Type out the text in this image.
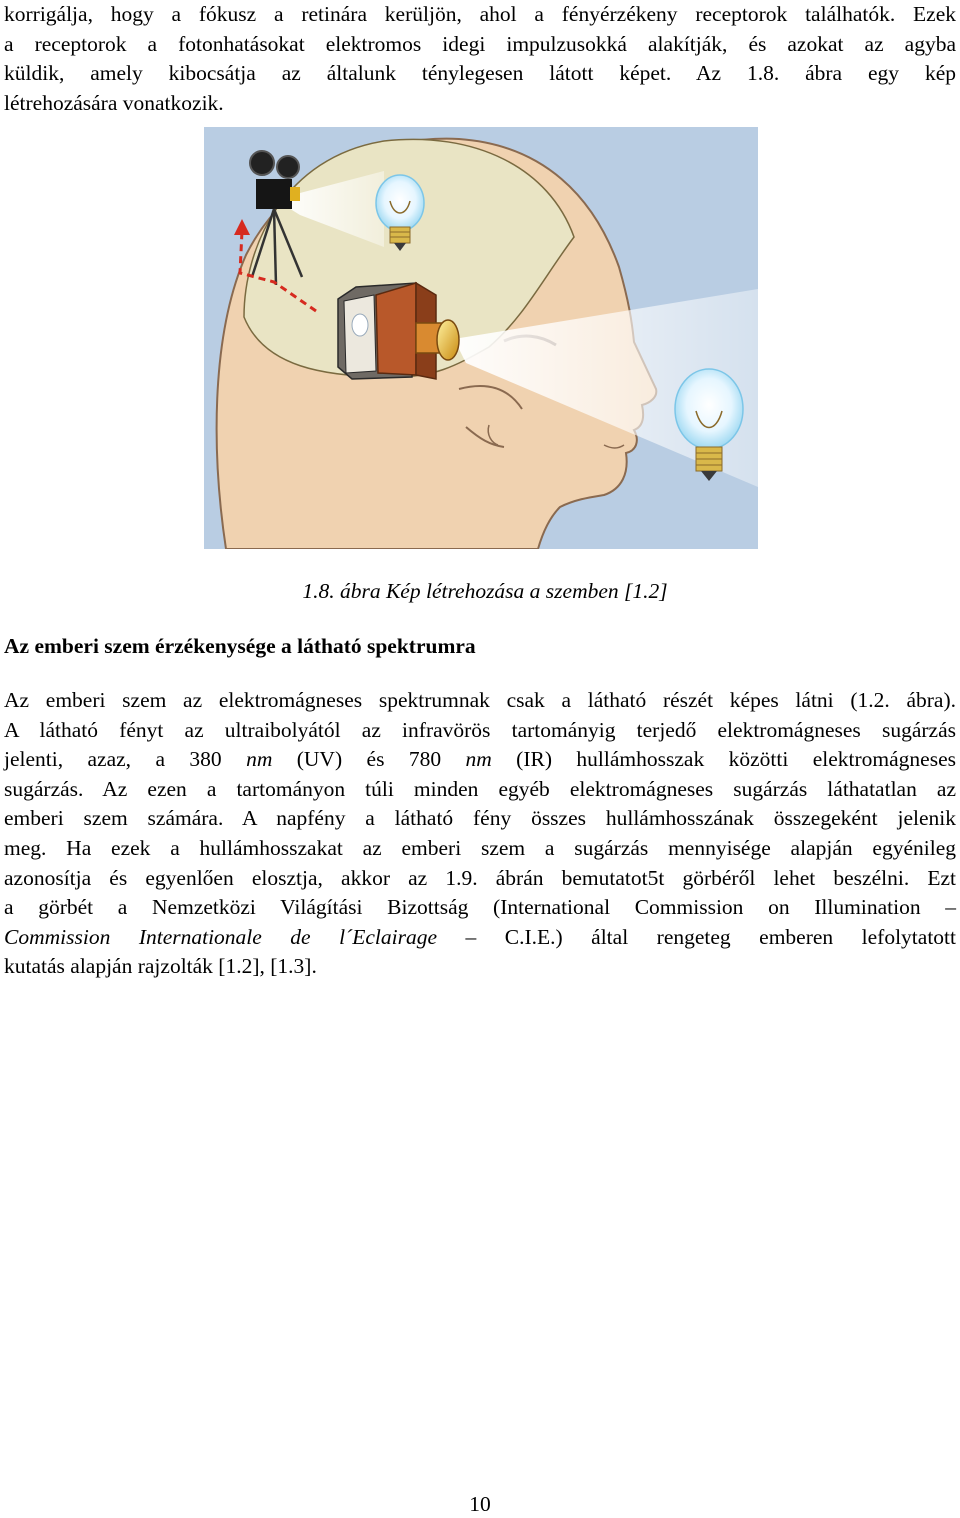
korrigálja, hogy a fókusz a retinára kerüljön, ahol a fényérzékeny receptorok találhatók. Ezek
a receptorok a fotonhatásokat elektromos idegi impulzusokká alakítják, és azokat az agyba
küldik, amely kibocsátja az általunk ténylegesen látott képet. Az 1.8. ábra egy kép
létrehozására vonatkozik.
1.8. ábra Kép létrehozása a szemben [1.2]
Az emberi szem érzékenysége a látható spektrumra
Az emberi szem az elektromágneses spektrumnak csak a látható részét képes látni (1.2. ábra).
A látható fényt az ultraibolyától az infravörös tartományig terjedő elektromágneses sugárzás
jelenti, azaz, a 380 nm (UV) és 780 nm (IR) hullámhosszak közötti elektromágneses
sugárzás. Az ezen a tartományon túli minden egyéb elektromágneses sugárzás láthatatlan az
emberi szem számára. A napfény a látható fény összes hullámhosszának összegeként jelenik
meg. Ha ezek a hullámhosszakat az emberi szem a sugárzás mennyisége alapján egyénileg
azonosítja és egyenlően elosztja, akkor az 1.9. ábrán bemutatot5t görbéről lehet beszélni. Ezt
a görbét a Nemzetközi Világítási Bizottság (International Commission on Illumination –
Commission Internationale de l´Eclairage – C.I.E.) által rengeteg emberen lefolytatott
kutatás alapján rajzolták [1.2], [1.3].
10
